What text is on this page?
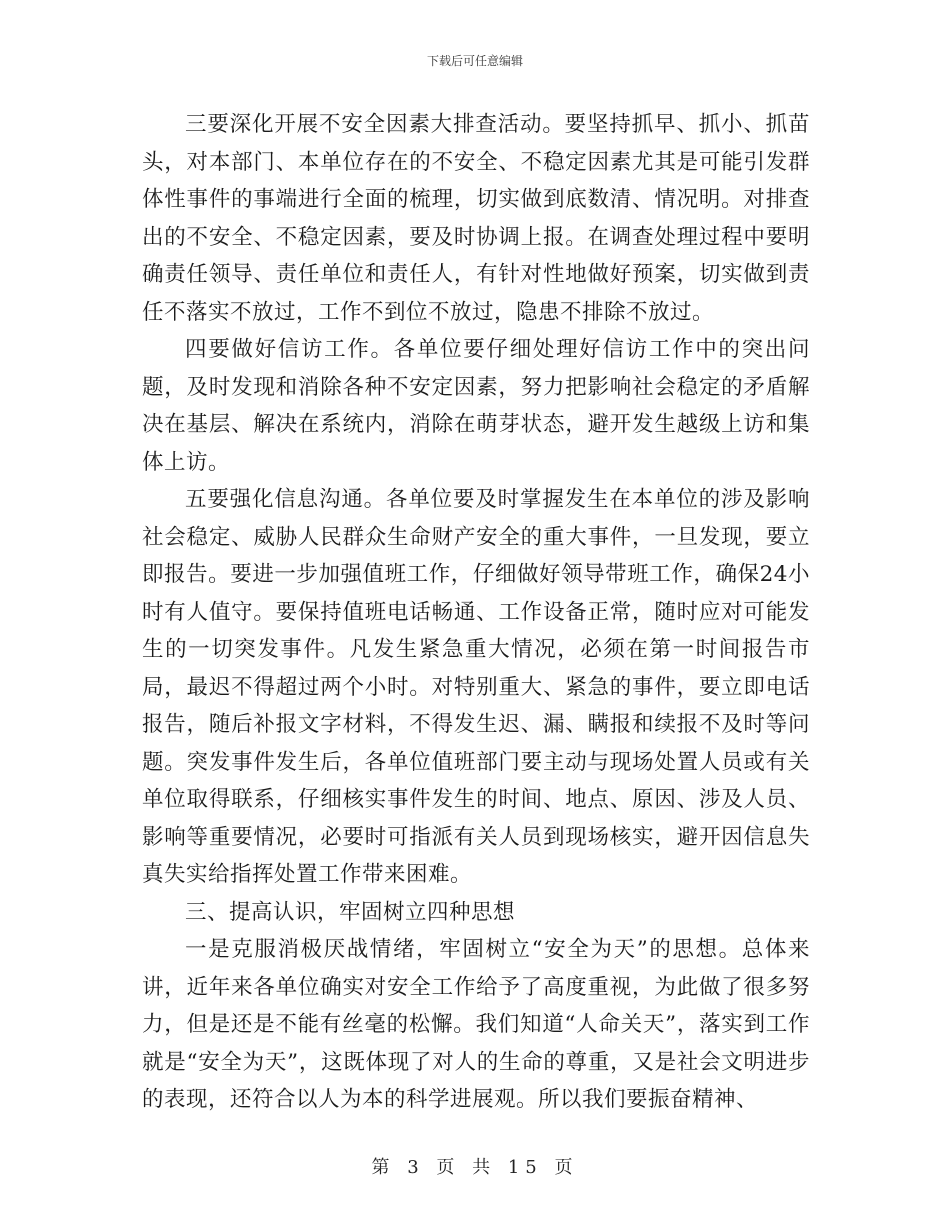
下载后可任意编辑

三要深化开展不安全因素大排查活动。要坚持抓早、抓小、抓苗头，对本部门、本单位存在的不安全、不稳定因素尤其是可能引发群体性事件的事端进行全面的梳理，切实做到底数清、情况明。对排查出的不安全、不稳定因素，要及时协调上报。在调查处理过程中要明确责任领导、责任单位和责任人，有针对性地做好预案，切实做到责任不落实不放过，工作不到位不放过，隐患不排除不放过。

四要做好信访工作。各单位要仔细处理好信访工作中的突出问题，及时发现和消除各种不安定因素，努力把影响社会稳定的矛盾解决在基层、解决在系统内，消除在萌芽状态，避开发生越级上访和集体上访。

五要强化信息沟通。各单位要及时掌握发生在本单位的涉及影响社会稳定、威胁人民群众生命财产安全的重大事件，一旦发现，要立即报告。要进一步加强值班工作，仔细做好领导带班工作，确保24小时有人值守。要保持值班电话畅通、工作设备正常，随时应对可能发生的一切突发事件。凡发生紧急重大情况，必须在第一时间报告市局，最迟不得超过两个小时。对特别重大、紧急的事件，要立即电话报告，随后补报文字材料，不得发生迟、漏、瞒报和续报不及时等问题。突发事件发生后，各单位值班部门要主动与现场处置人员或有关单位取得联系，仔细核实事件发生的时间、地点、原因、涉及人员、影响等重要情况，必要时可指派有关人员到现场核实，避开因信息失真失实给指挥处置工作带来困难。

三、提高认识，牢固树立四种思想

一是克服消极厌战情绪，牢固树立“安全为天”的思想。总体来讲，近年来各单位确实对安全工作给予了高度重视，为此做了很多努力，但是还是不能有丝毫的松懈。我们知道“人命关天”，落实到工作就是“安全为天”，这既体现了对人的生命的尊重，又是社会文明进步的表现，还符合以人为本的科学进展观。所以我们要振奋精神、

第 3 页 共 15 页
